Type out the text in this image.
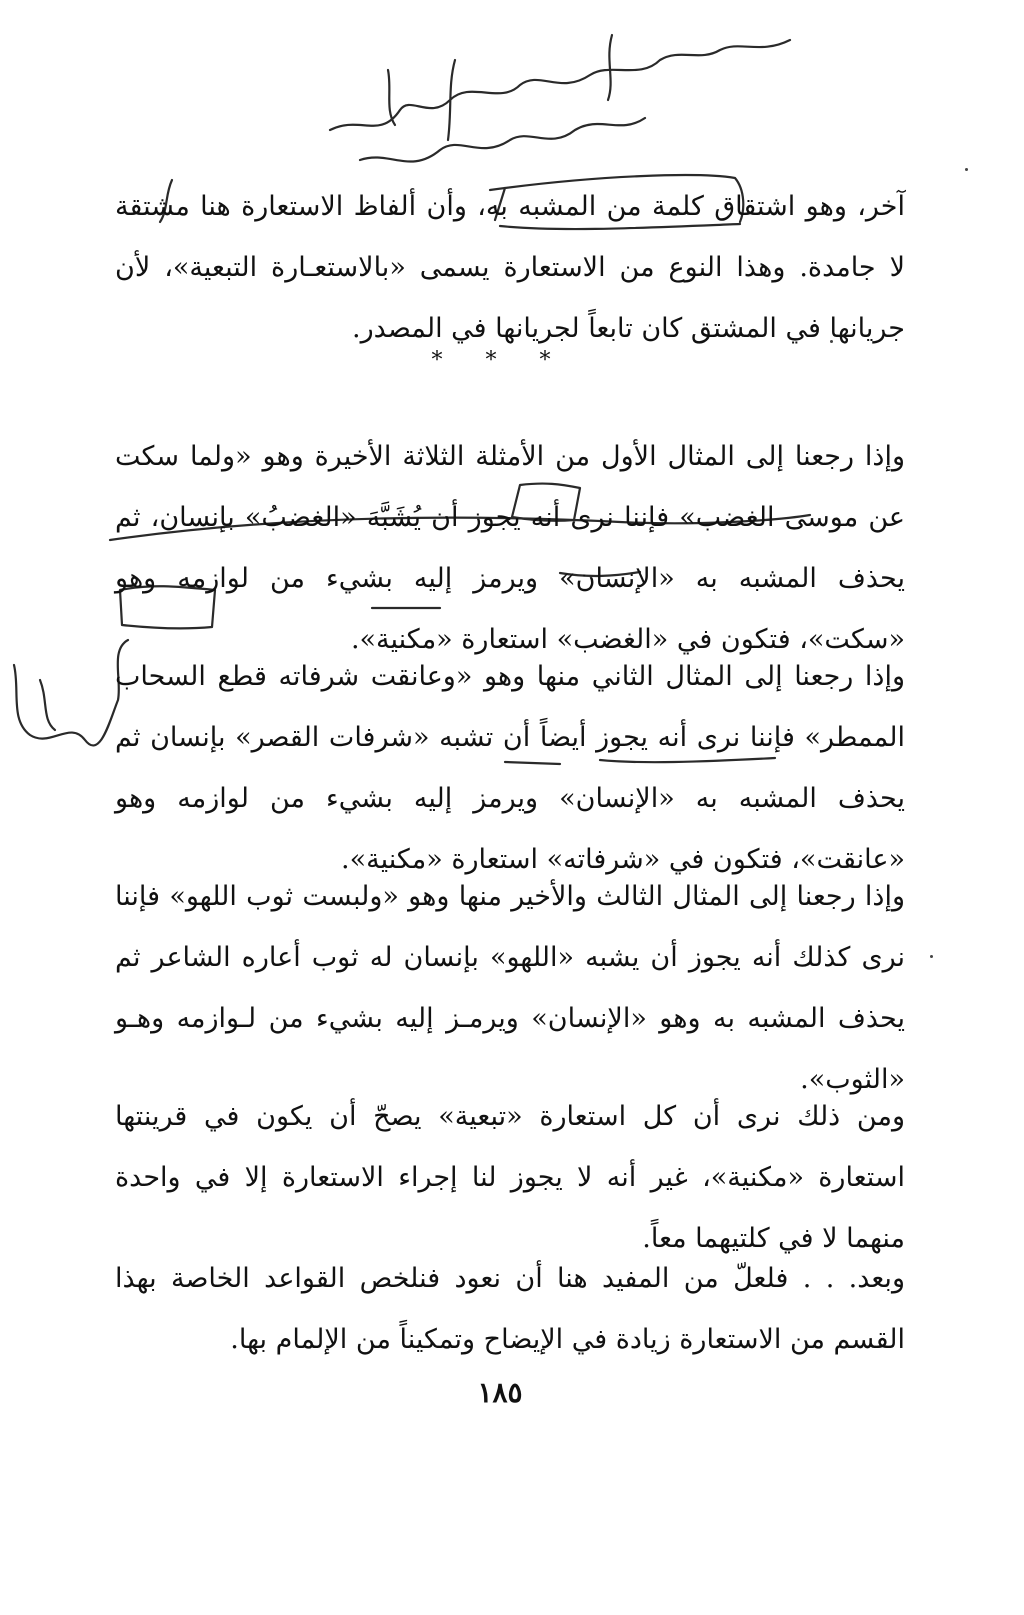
آخر، وهو اشتقاق كلمة من المشبه به، وأن ألفاظ الاستعارة هنا مشتقة لا جامدة. وهذا النوع من الاستعارة يسمى «بالاستعـارة التبعية»، لأن جريانها في المشتق كان تابعاً لجريانها في المصدر.

* * *

وإذا رجعنا إلى المثال الأول من الأمثلة الثلاثة الأخيرة وهو «ولما سكت عن موسى الغضب» فإننا نرى أنه يجوز أن يُشَبَّهَ «الغضبُ» بإنسان، ثم يحذف المشبه به «الإنسان» ويرمز إليه بشيء من لوازمه وهو «سكت»، فتكون في «الغضب» استعارة «مكنية».

وإذا رجعنا إلى المثال الثاني منها وهو «وعانقت شرفاته قطع السحاب الممطر» فإننا نرى أنه يجوز أيضاً أن تشبه «شرفات القصر» بإنسان ثم يحذف المشبه به «الإنسان» ويرمز إليه بشيء من لوازمه وهو «عانقت»، فتكون في «شرفاته» استعارة «مكنية».

وإذا رجعنا إلى المثال الثالث والأخير منها وهو «ولبست ثوب اللهو» فإننا نرى كذلك أنه يجوز أن يشبه «اللهو» بإنسان له ثوب أعاره الشاعر ثم يحذف المشبه به وهو «الإنسان» ويرمـز إليه بشيء من لـوازمه وهـو «الثوب».

ومن ذلك نرى أن كل استعارة «تبعية» يصحّ أن يكون في قرينتها استعارة «مكنية»، غير أنه لا يجوز لنا إجراء الاستعارة إلا في واحدة منهما لا في كلتيهما معاً.

وبعد. . . فلعلّ من المفيد هنا أن نعود فنلخص القواعد الخاصة بهذا القسم من الاستعارة زيادة في الإيضاح وتمكيناً من الإلمام بها.

١٨٥
